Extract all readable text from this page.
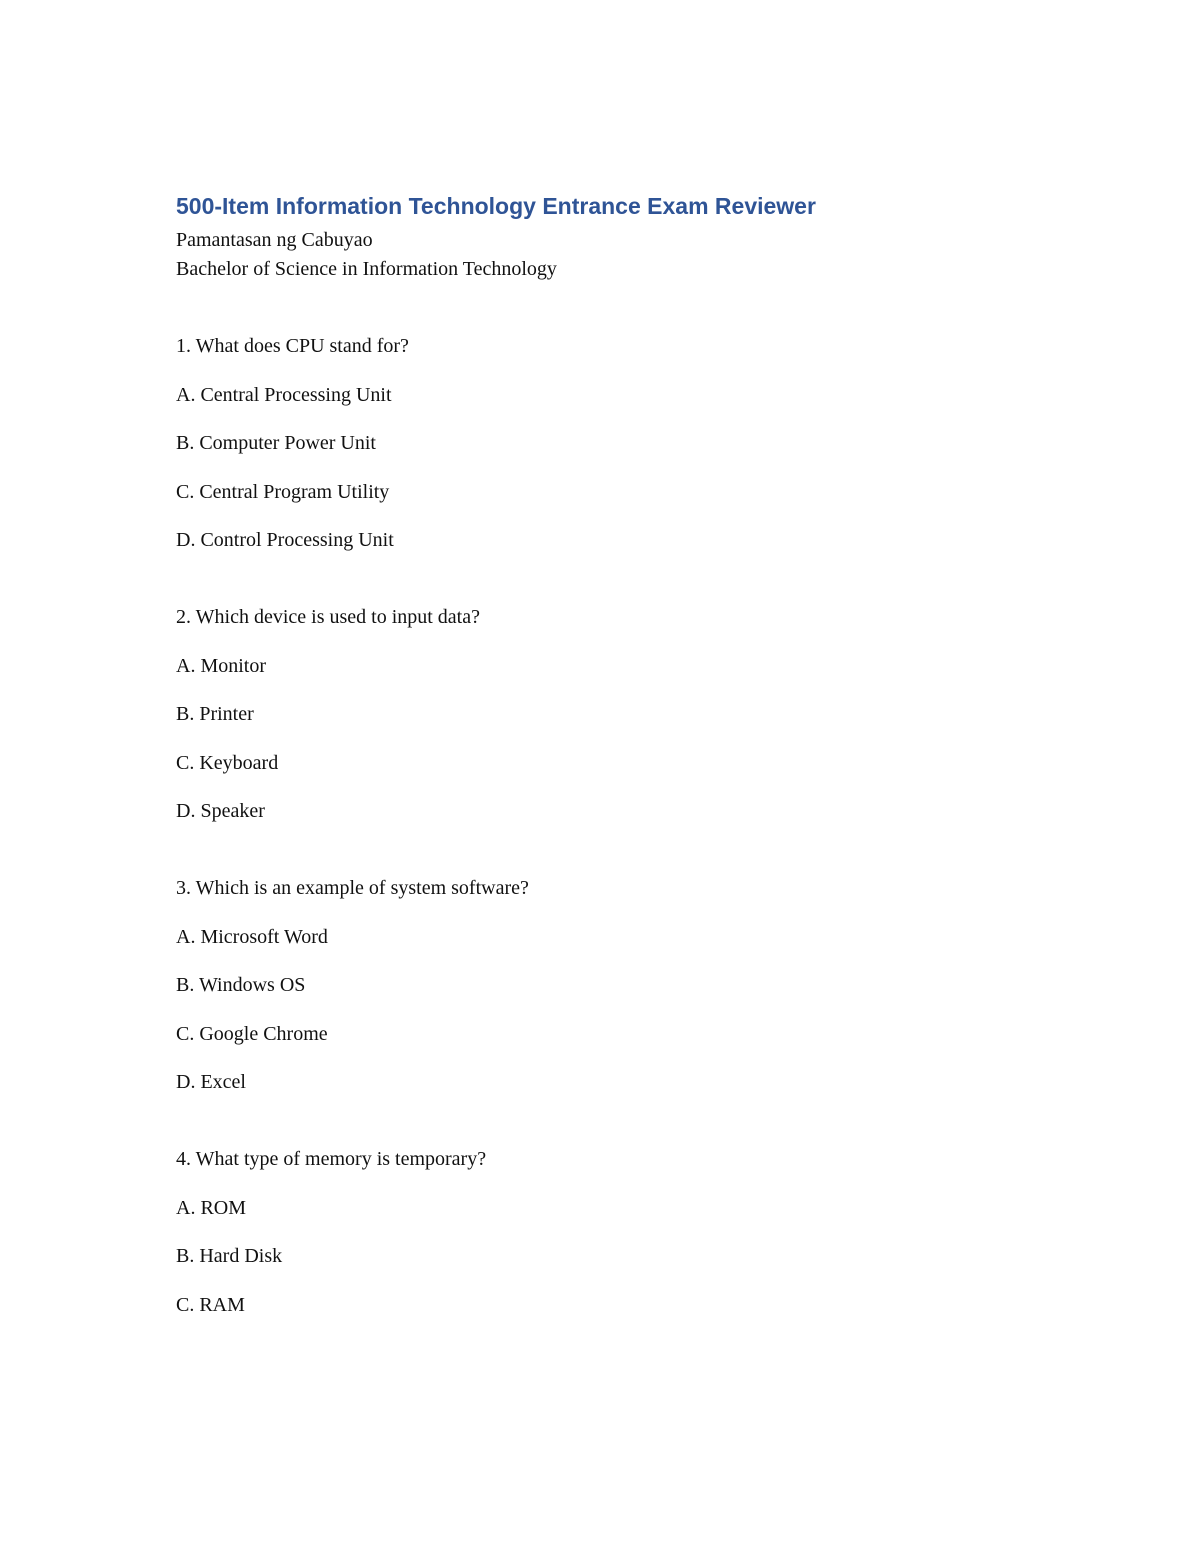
500-Item Information Technology Entrance Exam Reviewer
Pamantasan ng Cabuyao
Bachelor of Science in Information Technology
1. What does CPU stand for?
A. Central Processing Unit
B. Computer Power Unit
C. Central Program Utility
D. Control Processing Unit
2. Which device is used to input data?
A. Monitor
B. Printer
C. Keyboard
D. Speaker
3. Which is an example of system software?
A. Microsoft Word
B. Windows OS
C. Google Chrome
D. Excel
4. What type of memory is temporary?
A. ROM
B. Hard Disk
C. RAM
